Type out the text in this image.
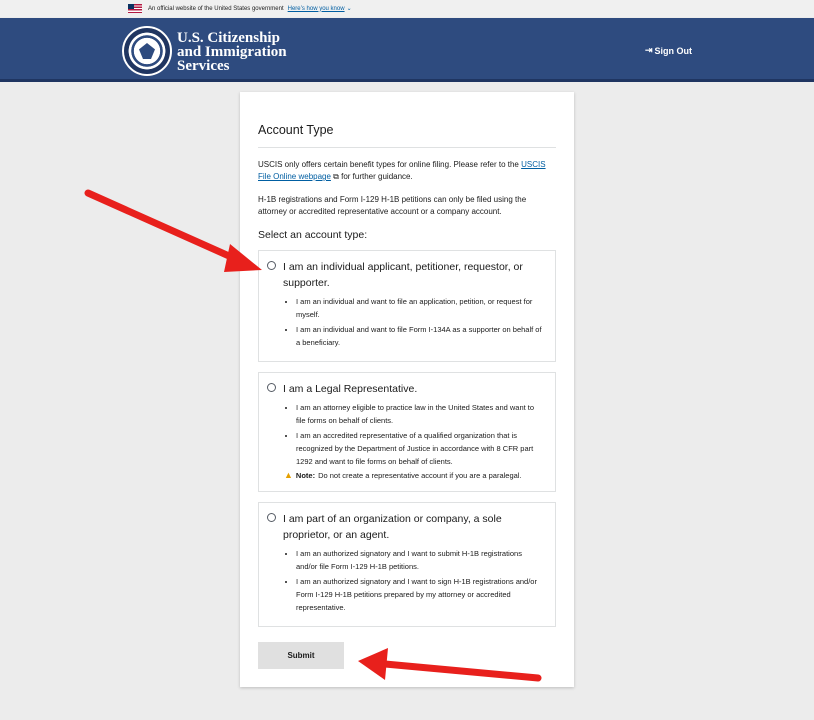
An official website of the United States government Here’s how you know ⌄
U.S. Citizenship
and Immigration
Services
⇥ Sign Out
Account Type

USCIS only offers certain benefit types for online filing. Please refer to the USCIS File Online webpage ⧉ for further guidance.

H-1B registrations and Form I-129 H-1B petitions can only be filed using the attorney or accredited representative account or a company account.

Select an account type:
I am an individual applicant, petitioner, requestor, or supporter.
• I am an individual and want to file an application, petition, or request for myself.
• I am an individual and want to file Form I-134A as a supporter on behalf of a beneficiary.
I am a Legal Representative.
• I am an attorney eligible to practice law in the United States and want to file forms on behalf of clients.
• I am an accredited representative of a qualified organization that is recognized by the Department of Justice in accordance with 8 CFR part 1292 and want to file forms on behalf of clients.
▲ Note: Do not create a representative account if you are a paralegal.
I am part of an organization or company, a sole proprietor, or an agent.
• I am an authorized signatory and I want to submit H-1B registrations and/or file Form I-129 H-1B petitions.
• I am an authorized signatory and I want to sign H-1B registrations and/or Form I-129 H-1B petitions prepared by my attorney or accredited representative.
Submit
